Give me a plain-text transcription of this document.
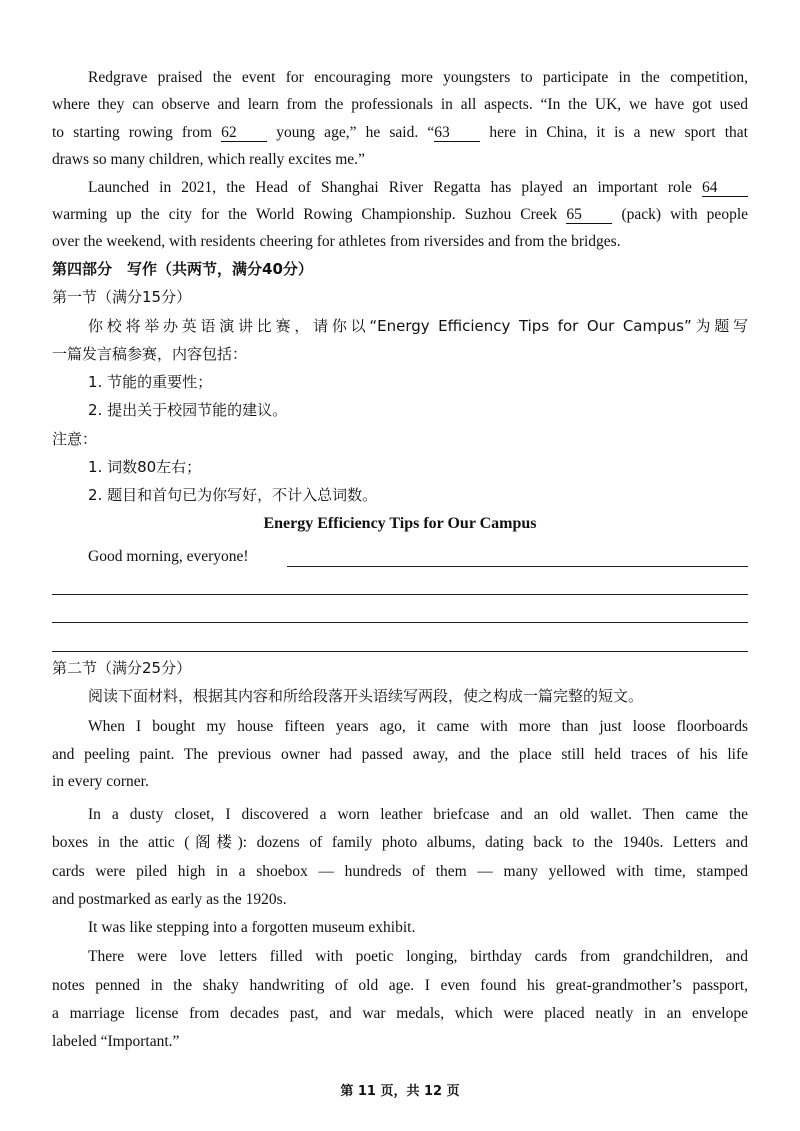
Redgrave praised the event for encouraging more youngsters to participate in the competition,
where they can observe and learn from the professionals in all aspects. “In the UK, we have got used
to starting rowing from 62	young age,” he said. “63	here in China, it is a new sport that
draws so many children, which really excites me.”
Launched in 2021, the Head of Shanghai River Regatta has played an important role 64
warming up the city for the World Rowing Championship. Suzhou Creek 65	(pack) with people
over the weekend, with residents cheering for athletes from riversides and from the bridges.
第四部分　写作（共两节，满分40分）
第一节（满分15分）
你校将举办英语演讲比赛，请你以“Energy Efficiency Tips for Our Campus”为题写
一篇发言稿参赛，内容包括：
1. 节能的重要性；
2. 提出关于校园节能的建议。
注意：
1. 词数80左右；
2. 题目和首句已为你写好，不计入总词数。
Energy Efficiency Tips for Our Campus
Good morning, everyone!
第二节（满分25分）
阅读下面材料，根据其内容和所给段落开头语续写两段，使之构成一篇完整的短文。
When I bought my house fifteen years ago, it came with more than just loose floorboards
and peeling paint. The previous owner had passed away, and the place still held traces of his life
in every corner.
In a dusty closet, I discovered a worn leather briefcase and an old wallet. Then came the
boxes in the attic (阁楼): dozens of family photo albums, dating back to the 1940s. Letters and
cards were piled high in a shoebox — hundreds of them — many yellowed with time, stamped
and postmarked as early as the 1920s.
It was like stepping into a forgotten museum exhibit.
There were love letters filled with poetic longing, birthday cards from grandchildren, and
notes penned in the shaky handwriting of old age. I even found his great-grandmother’s passport,
a marriage license from decades past, and war medals, which were placed neatly in an envelope
labeled “Important.”
第 11 页，共 12 页
